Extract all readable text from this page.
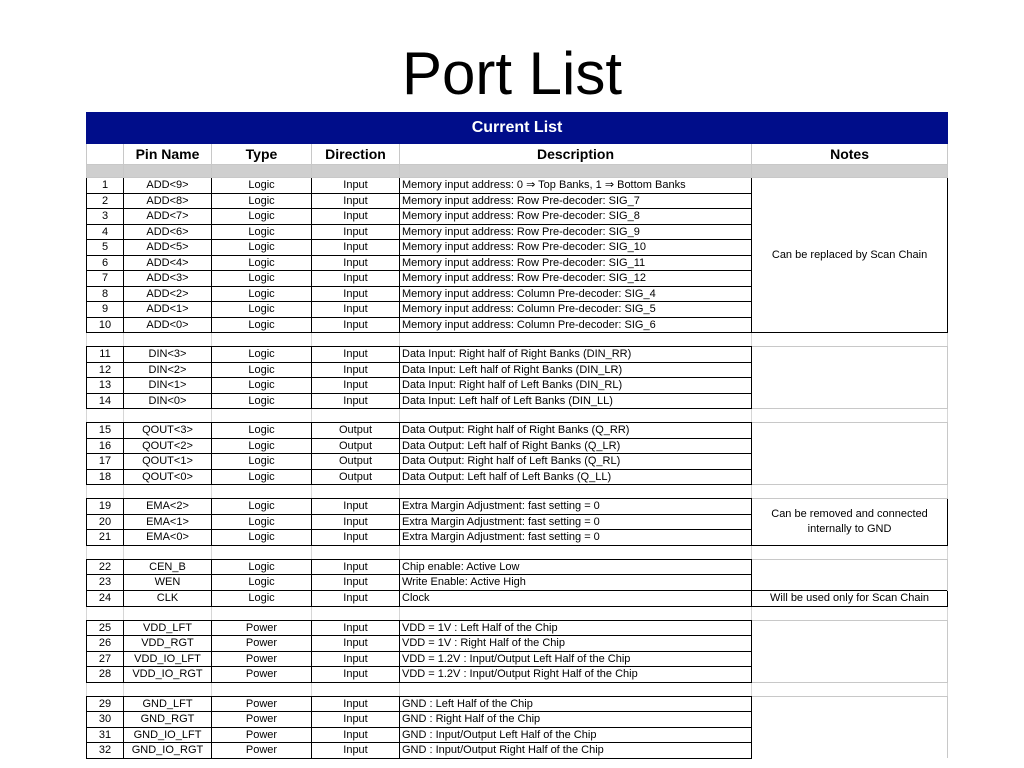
Port List
Current List					
	Pin Name	Type	Direction	Description	Notes

1	ADD<9>	Logic	Input	Memory input address: 0 ⇒ Top Banks, 1 ⇒ Bottom Banks	Can be replaced by Scan Chain
2	ADD<8>	Logic	Input	Memory input address: Row Pre-decoder: SIG_7	
3	ADD<7>	Logic	Input	Memory input address: Row Pre-decoder: SIG_8	
4	ADD<6>	Logic	Input	Memory input address: Row Pre-decoder: SIG_9	
5	ADD<5>	Logic	Input	Memory input address: Row Pre-decoder: SIG_10	
6	ADD<4>	Logic	Input	Memory input address: Row Pre-decoder: SIG_11	
7	ADD<3>	Logic	Input	Memory input address: Row Pre-decoder: SIG_12	
8	ADD<2>	Logic	Input	Memory input address: Column Pre-decoder: SIG_4	
9	ADD<1>	Logic	Input	Memory input address: Column Pre-decoder: SIG_5	
10	ADD<0>	Logic	Input	Memory input address: Column Pre-decoder: SIG_6	

11	DIN<3>	Logic	Input	Data Input: Right half of Right Banks (DIN_RR)	
12	DIN<2>	Logic	Input	Data Input: Left half of Right Banks (DIN_LR)	
13	DIN<1>	Logic	Input	Data Input: Right half of Left Banks (DIN_RL)	
14	DIN<0>	Logic	Input	Data Input: Left half of Left Banks (DIN_LL)	

15	QOUT<3>	Logic	Output	Data Output: Right half of Right Banks (Q_RR)	
16	QOUT<2>	Logic	Output	Data Output: Left half of Right Banks (Q_LR)	
17	QOUT<1>	Logic	Output	Data Output: Right half of Left Banks (Q_RL)	
18	QOUT<0>	Logic	Output	Data Output: Left half of Left Banks (Q_LL)	

19	EMA<2>	Logic	Input	Extra Margin Adjustment: fast setting = 0	Can be removed and connected internally to GND
20	EMA<1>	Logic	Input	Extra Margin Adjustment: fast setting = 0	
21	EMA<0>	Logic	Input	Extra Margin Adjustment: fast setting = 0	

22	CEN_B	Logic	Input	Chip enable: Active Low	
23	WEN	Logic	Input	Write Enable: Active High	
24	CLK	Logic	Input	Clock	Will be used only for Scan Chain

25	VDD_LFT	Power	Input	VDD = 1V : Left Half of the Chip	
26	VDD_RGT	Power	Input	VDD = 1V : Right Half of the Chip	
27	VDD_IO_LFT	Power	Input	VDD = 1.2V : Input/Output Left Half of the Chip	
28	VDD_IO_RGT	Power	Input	VDD = 1.2V : Input/Output Right Half of the Chip	

29	GND_LFT	Power	Input	GND : Left Half of the Chip	
30	GND_RGT	Power	Input	GND : Right Half of the Chip	
31	GND_IO_LFT	Power	Input	GND : Input/Output Left Half of the Chip	
32	GND_IO_RGT	Power	Input	GND : Input/Output Right Half of the Chip	
